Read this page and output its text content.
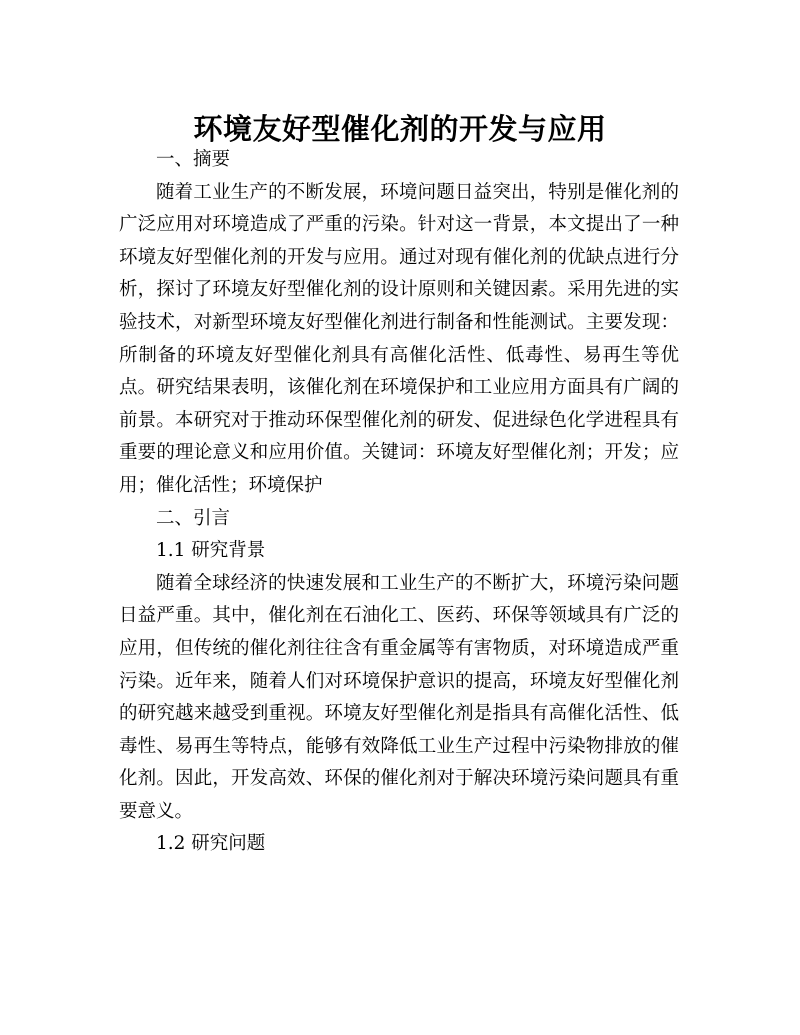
环境友好型催化剂的开发与应用
一、摘要

随着工业生产的不断发展，环境问题日益突出，特别是催化剂的广泛应用对环境造成了严重的污染。针对这一背景，本文提出了一种环境友好型催化剂的开发与应用。通过对现有催化剂的优缺点进行分析，探讨了环境友好型催化剂的设计原则和关键因素。采用先进的实验技术，对新型环境友好型催化剂进行制备和性能测试。主要发现：所制备的环境友好型催化剂具有高催化活性、低毒性、易再生等优点。研究结果表明，该催化剂在环境保护和工业应用方面具有广阔的前景。本研究对于推动环保型催化剂的研发、促进绿色化学进程具有重要的理论意义和应用价值。关键词：环境友好型催化剂；开发；应用；催化活性；环境保护

二、引言
1.1 研究背景

随着全球经济的快速发展和工业生产的不断扩大，环境污染问题日益严重。其中，催化剂在石油化工、医药、环保等领域具有广泛的应用，但传统的催化剂往往含有重金属等有害物质，对环境造成严重污染。近年来，随着人们对环境保护意识的提高，环境友好型催化剂的研究越来越受到重视。环境友好型催化剂是指具有高催化活性、低毒性、易再生等特点，能够有效降低工业生产过程中污染物排放的催化剂。因此，开发高效、环保的催化剂对于解决环境污染问题具有重要意义。

1.2 研究问题
